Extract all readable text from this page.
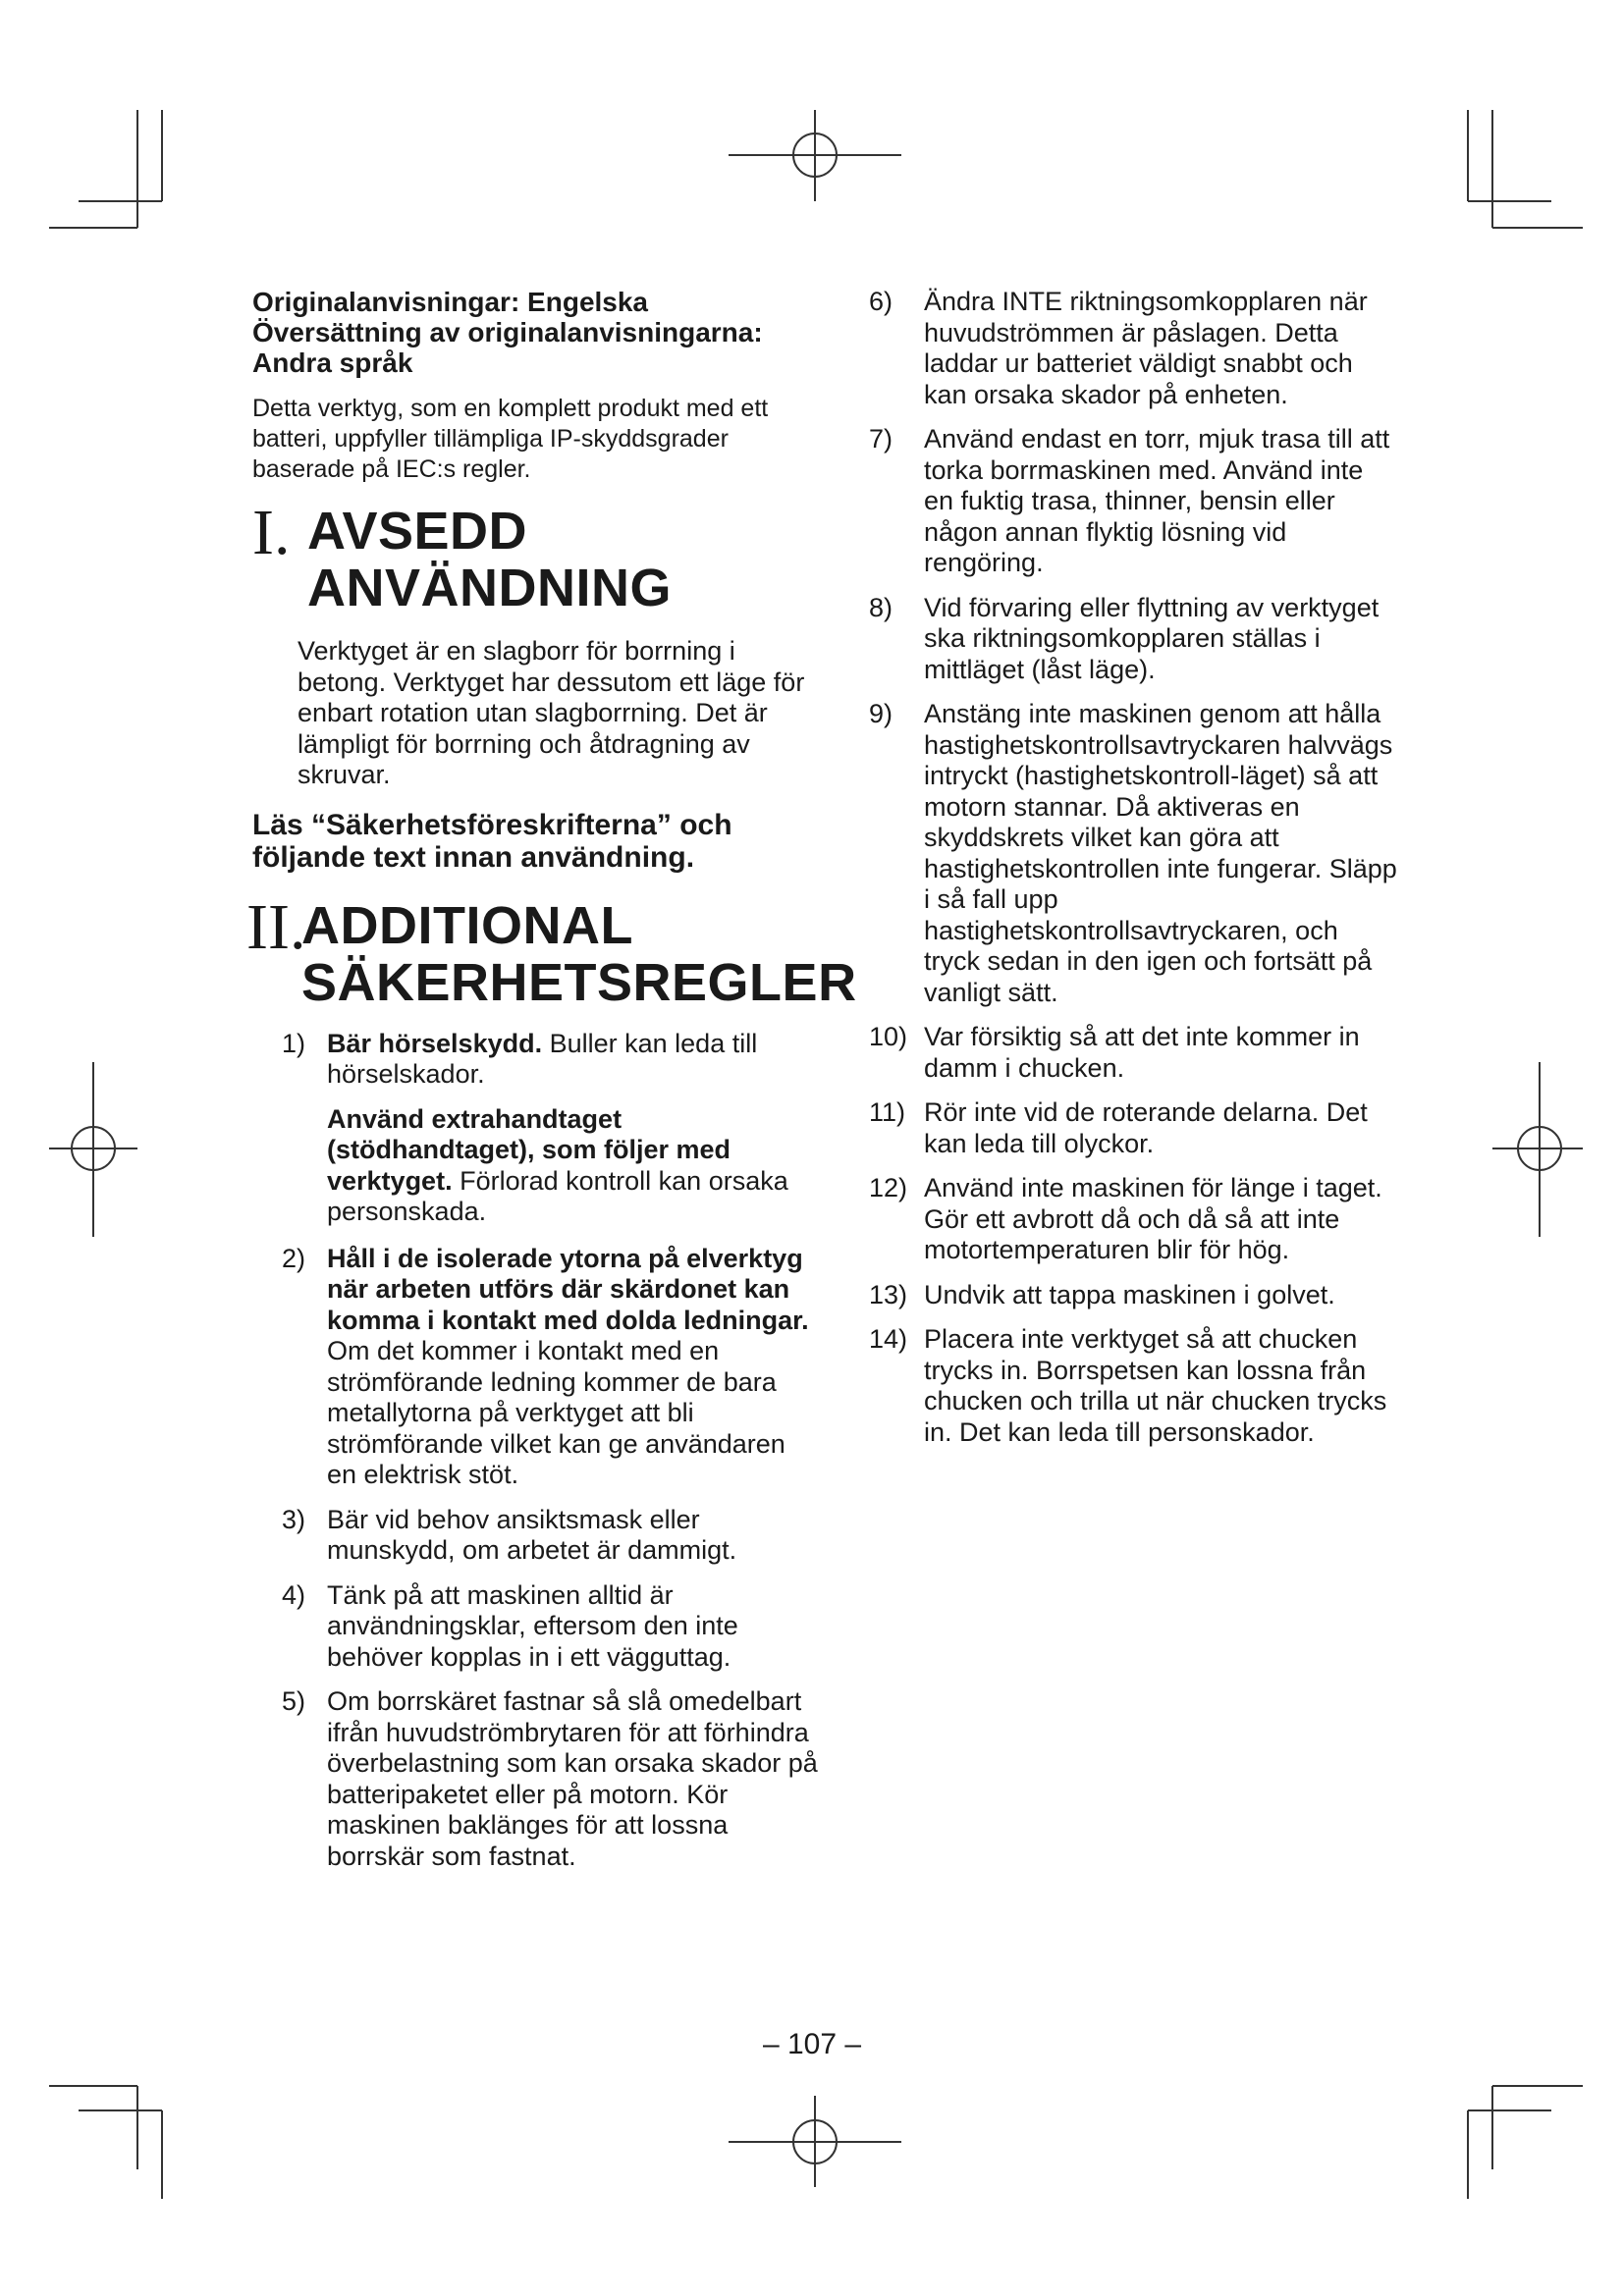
Originalanvisningar: Engelska
Översättning av originalanvisningarna:
Andra språk

Detta verktyg, som en komplett produkt med ett batteri, uppfyller tillämpliga IP-skyddsgrader baserade på IEC:s regler.

I. AVSEDD ANVÄNDNING

Verktyget är en slagborr för borrning i betong. Verktyget har dessutom ett läge för enbart rotation utan slagborrning. Det är lämpligt för borrning och åtdragning av skruvar.

Läs “Säkerhetsföreskrifterna” och följande text innan användning.

II.
ADDITIONAL SÄKERHETSREGLER
1) Bär hörselskydd. Buller kan leda till hörselskador.
Använd extrahandtaget (stödhandtaget), som följer med verktyget. Förlorad kontroll kan orsaka personskada.
2) Håll i de isolerade ytorna på elverktyg när arbeten utförs där skärdonet kan komma i kontakt med dolda ledningar. Om det kommer i kontakt med en strömförande ledning kommer de bara metallytorna på verktyget att bli strömförande vilket kan ge användaren en elektrisk stöt.
3) Bär vid behov ansiktsmask eller munskydd, om arbetet är dammigt.
4) Tänk på att maskinen alltid är användningsklar, eftersom den inte behöver kopplas in i ett vägguttag.
5) Om borrskäret fastnar så slå omedelbart ifrån huvudströmbrytaren för att förhindra överbelastning som kan orsaka skador på batteripaketet eller på motorn. Kör maskinen baklänges för att lossna borrskär som fastnat.
6)	Ändra INTE riktningsomkopplaren när huvudströmmen är påslagen. Detta laddar ur batteriet väldigt snabbt och kan orsaka skador på enheten.
7)	Använd endast en torr, mjuk trasa till att torka borrmaskinen med. Använd inte en fuktig trasa, thinner, bensin eller någon annan flyktig lösning vid rengöring.
8)	Vid förvaring eller flyttning av verktyget ska riktningsomkopplaren ställas i mittläget (låst läge).
9)	Anstäng inte maskinen genom att hålla hastighetskontrollsavtryckaren halvvägs intryckt (hastighetskontroll-läget) så att motorn stannar. Då aktiveras en skyddskrets vilket kan göra att hastighetskontrollen inte fungerar. Släpp i så fall upp hastighetskontrollsavtryckaren, och tryck sedan in den igen och fortsätt på vanligt sätt.
10) Var försiktig så att det inte kommer in damm i chucken.
11) Rör inte vid de roterande delarna. Det kan leda till olyckor.
12) Använd inte maskinen för länge i taget. Gör ett avbrott då och då så att inte motortemperaturen blir för hög.
13) Undvik att tappa maskinen i golvet.
14) Placera inte verktyget så att chucken trycks in. Borrspetsen kan lossna från chucken och trilla ut när chucken trycks in. Det kan leda till personskador.
– 107 –
